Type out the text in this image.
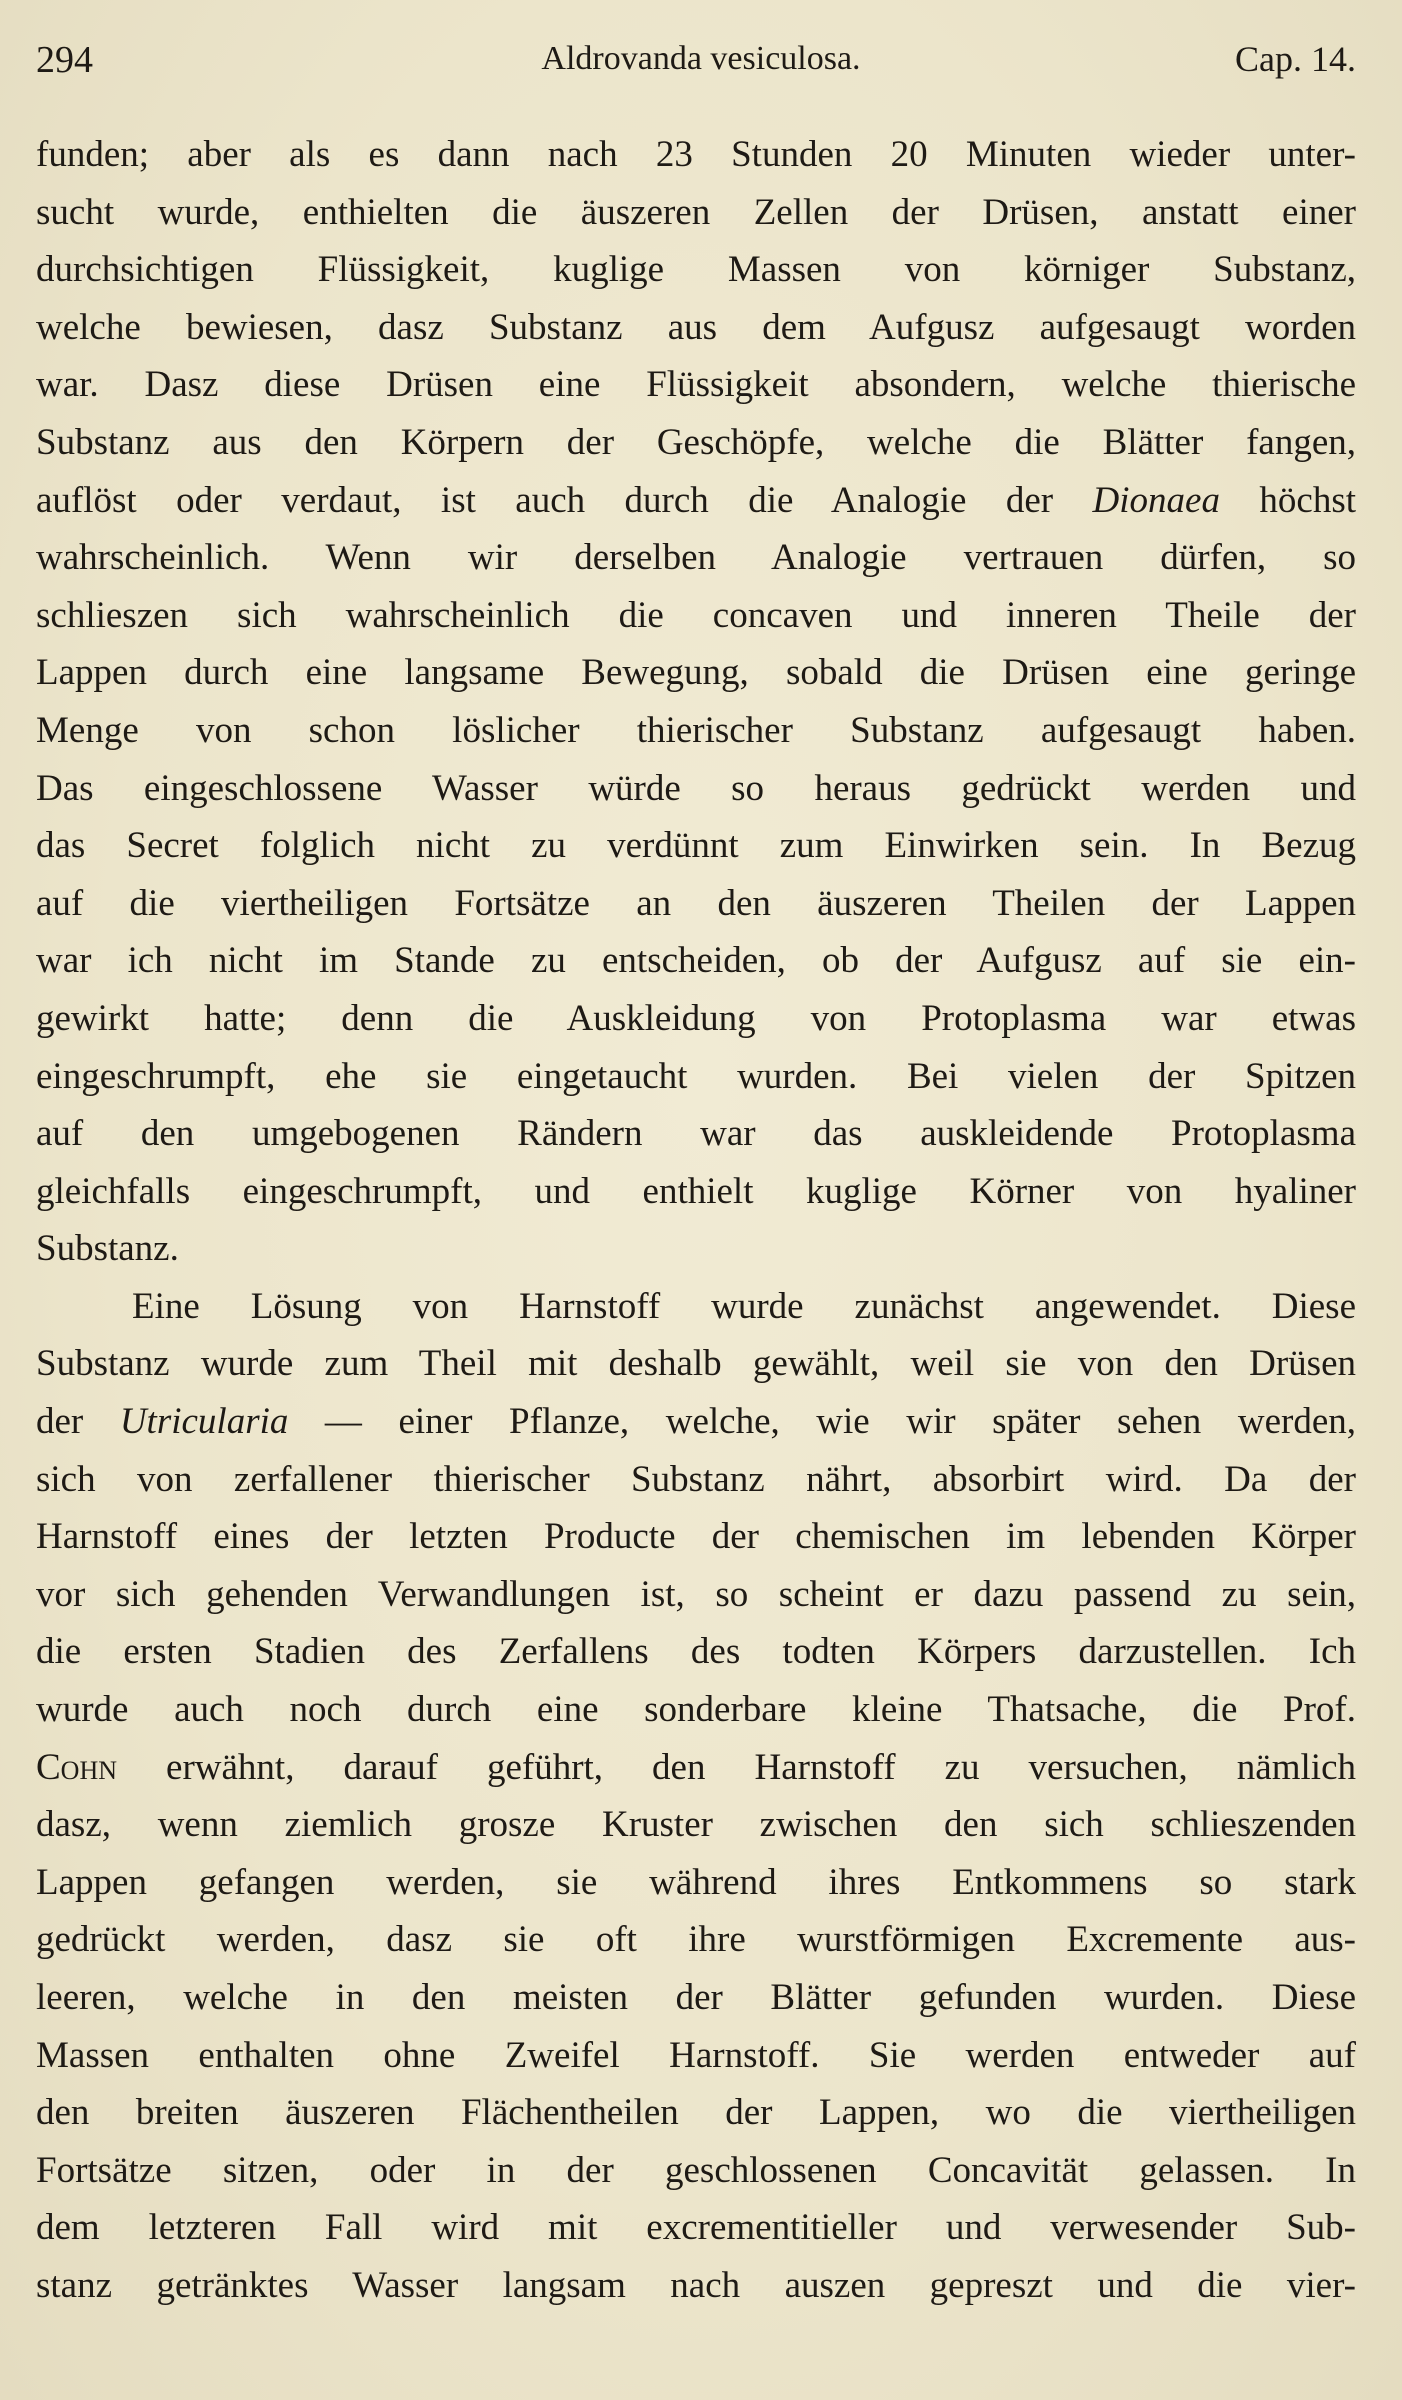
294	Aldrovanda vesiculosa.	Cap. 14.
funden; aber als es dann nach 23 Stunden 20 Minuten wieder unter-
sucht wurde, enthielten die äuszeren Zellen der Drüsen, anstatt einer
durchsichtigen Flüssigkeit, kuglige Massen von körniger Substanz,
welche bewiesen, dasz Substanz aus dem Aufgusz aufgesaugt worden
war. Dasz diese Drüsen eine Flüssigkeit absondern, welche thierische
Substanz aus den Körpern der Geschöpfe, welche die Blätter fangen,
auflöst oder verdaut, ist auch durch die Analogie der Dionaea höchst
wahrscheinlich. Wenn wir derselben Analogie vertrauen dürfen, so
schlieszen sich wahrscheinlich die concaven und inneren Theile der
Lappen durch eine langsame Bewegung, sobald die Drüsen eine geringe
Menge von schon löslicher thierischer Substanz aufgesaugt haben.
Das eingeschlossene Wasser würde so heraus gedrückt werden und
das Secret folglich nicht zu verdünnt zum Einwirken sein. In Bezug
auf die viertheiligen Fortsätze an den äuszeren Theilen der Lappen
war ich nicht im Stande zu entscheiden, ob der Aufgusz auf sie ein-
gewirkt hatte; denn die Auskleidung von Protoplasma war etwas
eingeschrumpft, ehe sie eingetaucht wurden. Bei vielen der Spitzen
auf den umgebogenen Rändern war das auskleidende Protoplasma
gleichfalls eingeschrumpft, und enthielt kuglige Körner von hyaliner
Substanz.
Eine Lösung von Harnstoff wurde zunächst angewendet. Diese
Substanz wurde zum Theil mit deshalb gewählt, weil sie von den Drüsen
der Utricularia — einer Pflanze, welche, wie wir später sehen werden,
sich von zerfallener thierischer Substanz nährt, absorbirt wird. Da der
Harnstoff eines der letzten Producte der chemischen im lebenden Körper
vor sich gehenden Verwandlungen ist, so scheint er dazu passend zu sein,
die ersten Stadien des Zerfallens des todten Körpers darzustellen. Ich
wurde auch noch durch eine sonderbare kleine Thatsache, die Prof.
Cohn erwähnt, darauf geführt, den Harnstoff zu versuchen, nämlich
dasz, wenn ziemlich grosze Kruster zwischen den sich schlieszenden
Lappen gefangen werden, sie während ihres Entkommens so stark
gedrückt werden, dasz sie oft ihre wurstförmigen Excremente aus-
leeren, welche in den meisten der Blätter gefunden wurden. Diese
Massen enthalten ohne Zweifel Harnstoff. Sie werden entweder auf
den breiten äuszeren Flächentheilen der Lappen, wo die viertheiligen
Fortsätze sitzen, oder in der geschlossenen Concavität gelassen. In
dem letzteren Fall wird mit excrementitieller und verwesender Sub-
stanz getränktes Wasser langsam nach auszen gepreszt und die vier-
